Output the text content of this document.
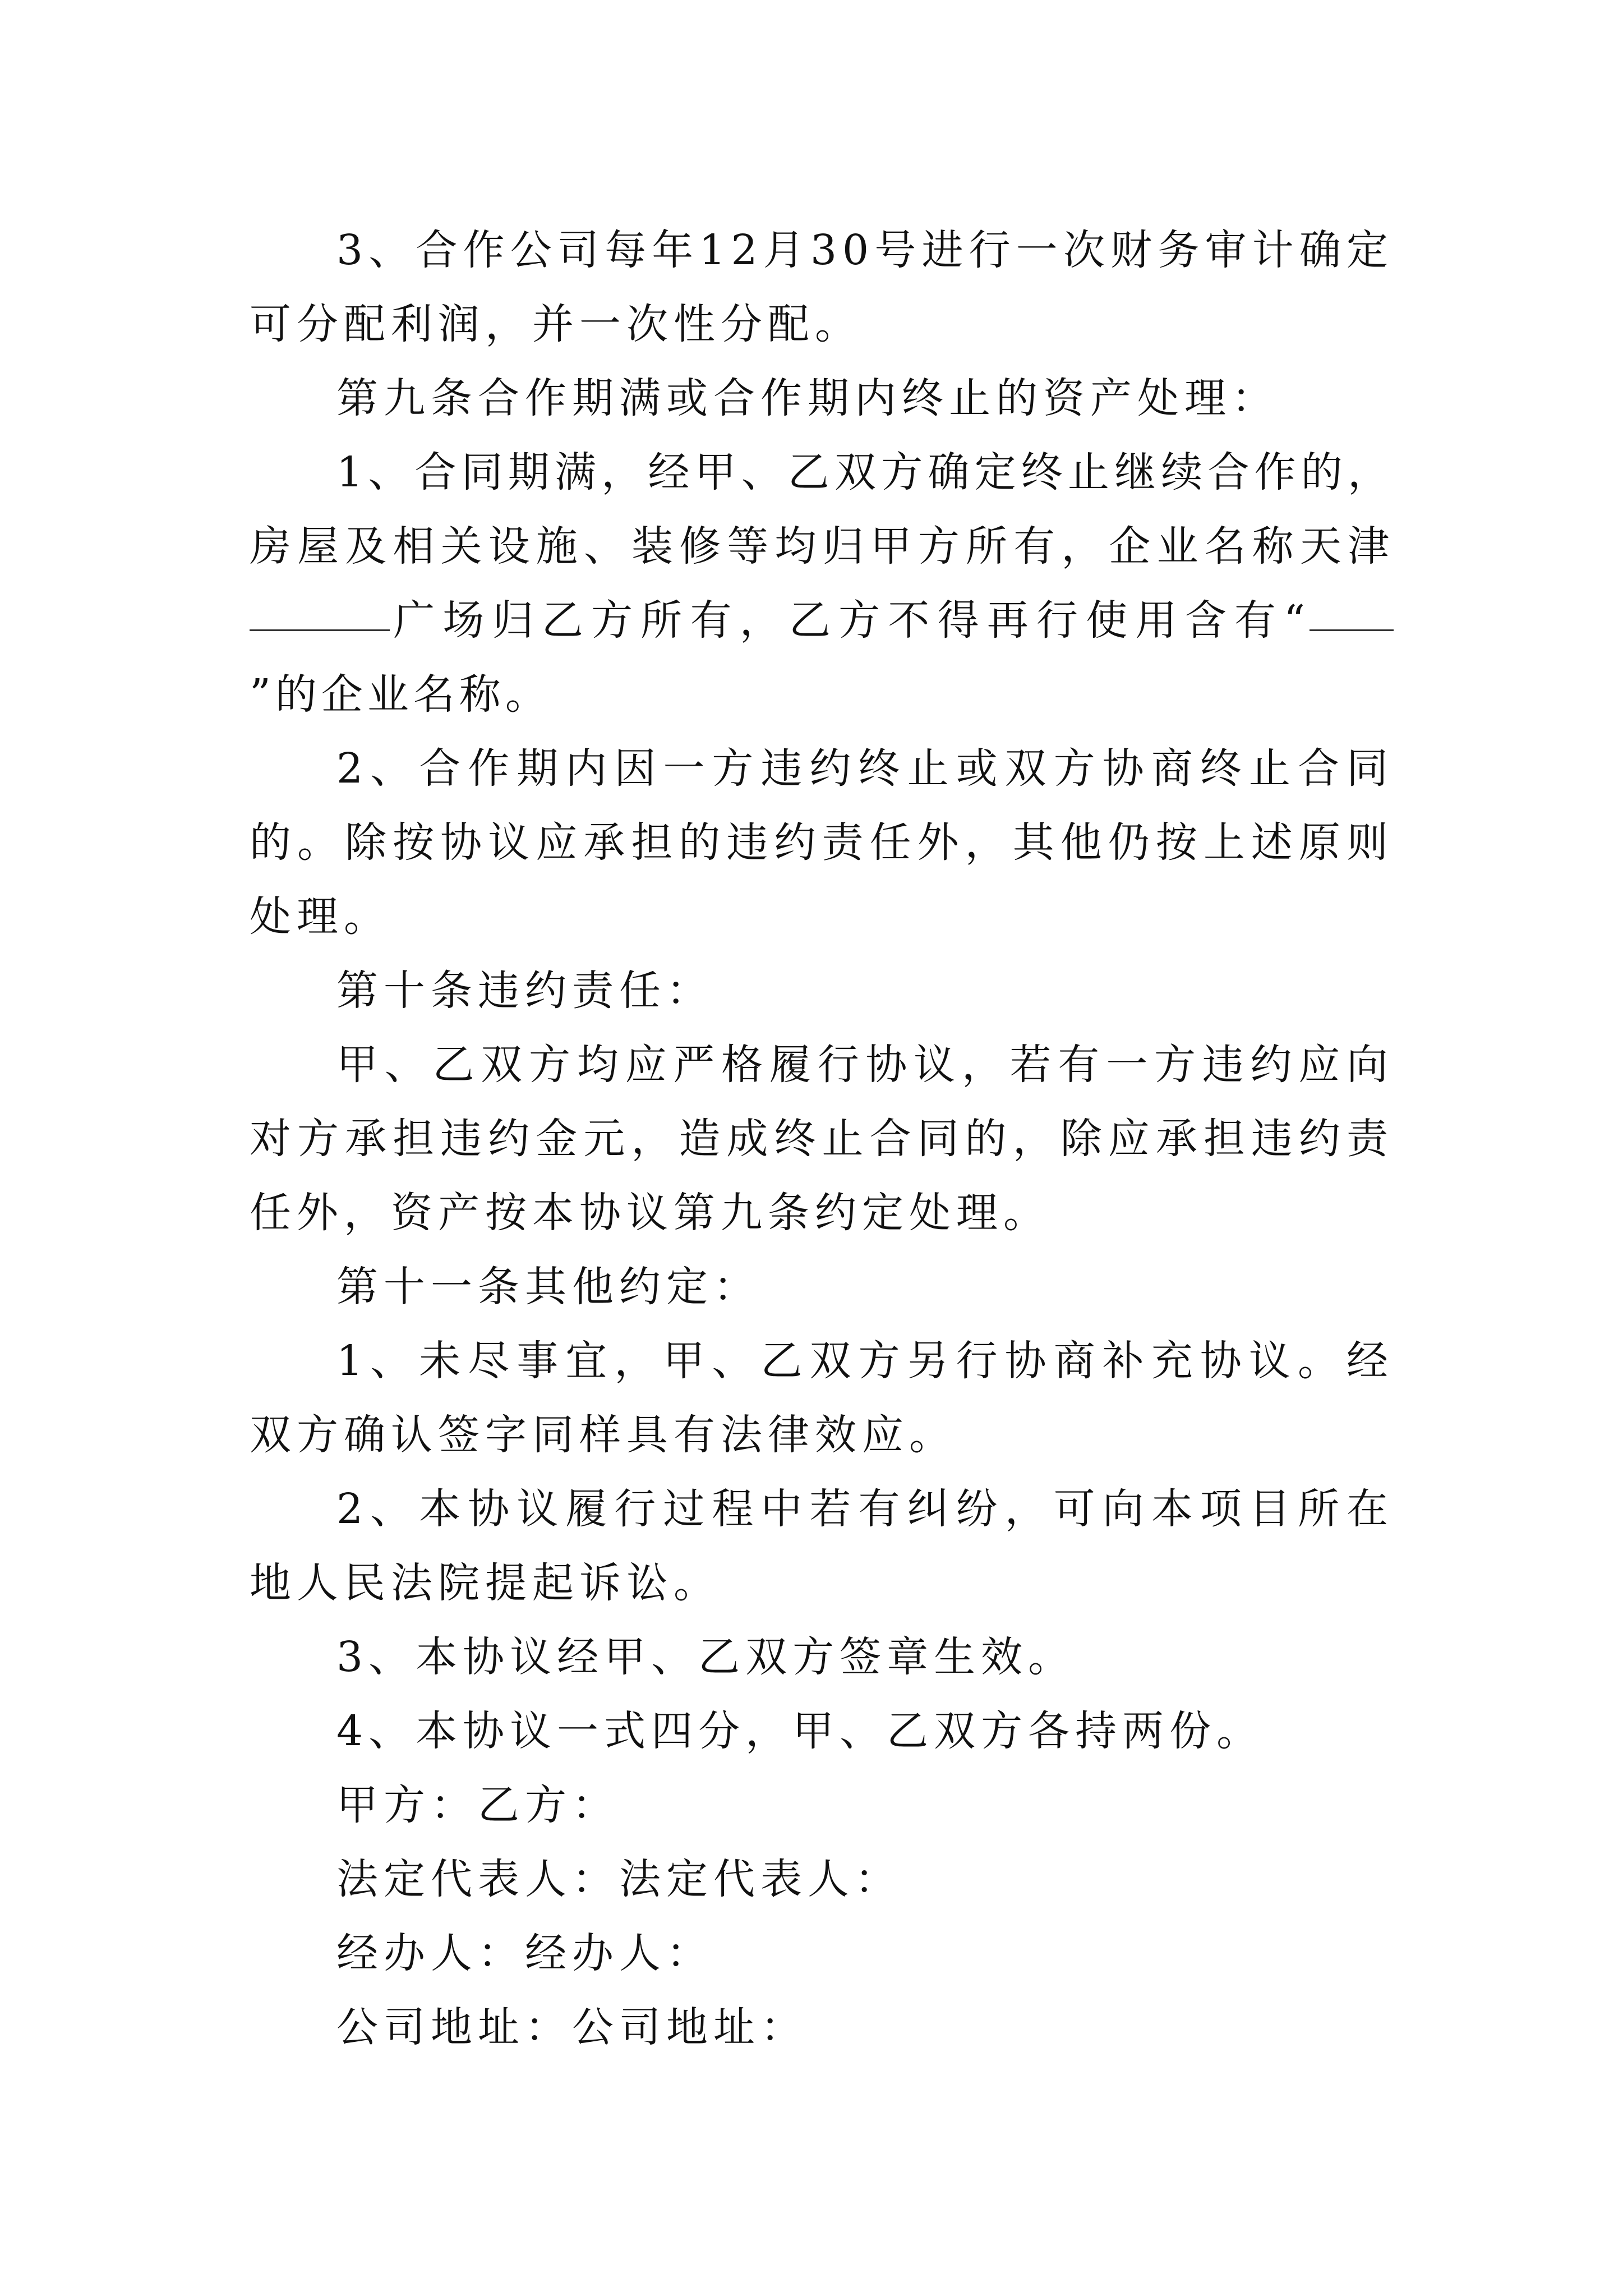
3、合作公司每年12月30号进行一次财务审计确定可分配利润，并一次性分配。

第九条合作期满或合作期内终止的资产处理：

1、合同期满，经甲、乙双方确定终止继续合作的，房屋及相关设施、装修等均归甲方所有，企业名称天津广场归乙方所有，乙方不得再行使用含有“”的企业名称。

2、合作期内因一方违约终止或双方协商终止合同的。除按协议应承担的违约责任外，其他仍按上述原则处理。

第十条违约责任：

甲、乙双方均应严格履行协议，若有一方违约应向对方承担违约金元，造成终止合同的，除应承担违约责任外，资产按本协议第九条约定处理。

第十一条其他约定：

1、未尽事宜，甲、乙双方另行协商补充协议。经双方确认签字同样具有法律效应。

2、本协议履行过程中若有纠纷，可向本项目所在地人民法院提起诉讼。

3、本协议经甲、乙双方签章生效。

4、本协议一式四分，甲、乙双方各持两份。

甲方：乙方：

法定代表人：法定代表人：

经办人：经办人：

公司地址：公司地址：
